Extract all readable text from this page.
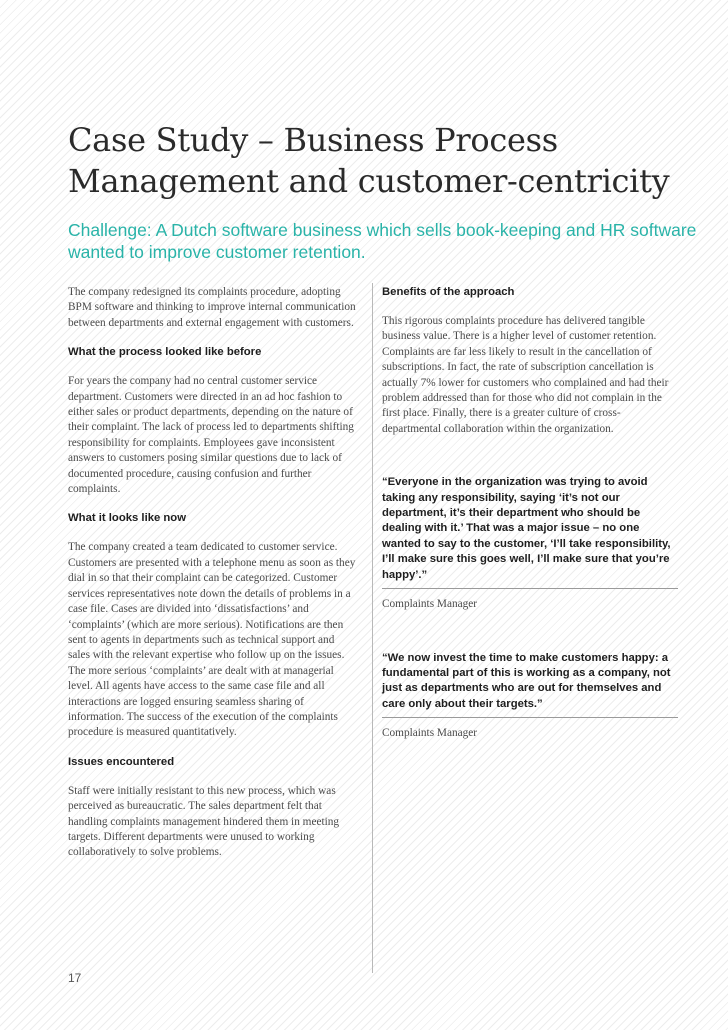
Case Study – Business Process Management and customer-centricity

Challenge: A Dutch software business which sells book-keeping and HR software wanted to improve customer retention.

The company redesigned its complaints procedure, adopting BPM software and thinking to improve internal communication between departments and external engagement with customers.

What the process looked like before

For years the company had no central customer service department. Customers were directed in an ad hoc fashion to either sales or product departments, depending on the nature of their complaint. The lack of process led to departments shifting responsibility for complaints. Employees gave inconsistent answers to customers posing similar questions due to lack of documented procedure, causing confusion and further complaints.

What it looks like now

The company created a team dedicated to customer service. Customers are presented with a telephone menu as soon as they dial in so that their complaint can be categorized. Customer services representatives note down the details of problems in a case file. Cases are divided into ‘dissatisfactions’ and ‘complaints’ (which are more serious). Notifications are then sent to agents in departments such as technical support and sales with the relevant expertise who follow up on the issues. The more serious ‘complaints’ are dealt with at managerial level. All agents have access to the same case file and all interactions are logged ensuring seamless sharing of information. The success of the execution of the complaints procedure is measured quantitatively.

Issues encountered

Staff were initially resistant to this new process, which was perceived as bureaucratic. The sales department felt that handling complaints management hindered them in meeting targets. Different departments were unused to working collaboratively to solve problems.

Benefits of the approach

This rigorous complaints procedure has delivered tangible business value. There is a higher level of customer retention. Complaints are far less likely to result in the cancellation of subscriptions. In fact, the rate of subscription cancellation is actually 7% lower for customers who complained and had their problem addressed than for those who did not complain in the first place. Finally, there is a greater culture of cross-departmental collaboration within the organization.

“Everyone in the organization was trying to avoid taking any responsibility, saying ‘it’s not our department, it’s their department who should be dealing with it.’ That was a major issue – no one wanted to say to the customer, ‘I’ll take responsibility, I’ll make sure this goes well, I’ll make sure that you’re happy’.”

Complaints Manager

“We now invest the time to make customers happy: a fundamental part of this is working as a company, not just as departments who are out for themselves and care only about their targets.”

Complaints Manager

17
